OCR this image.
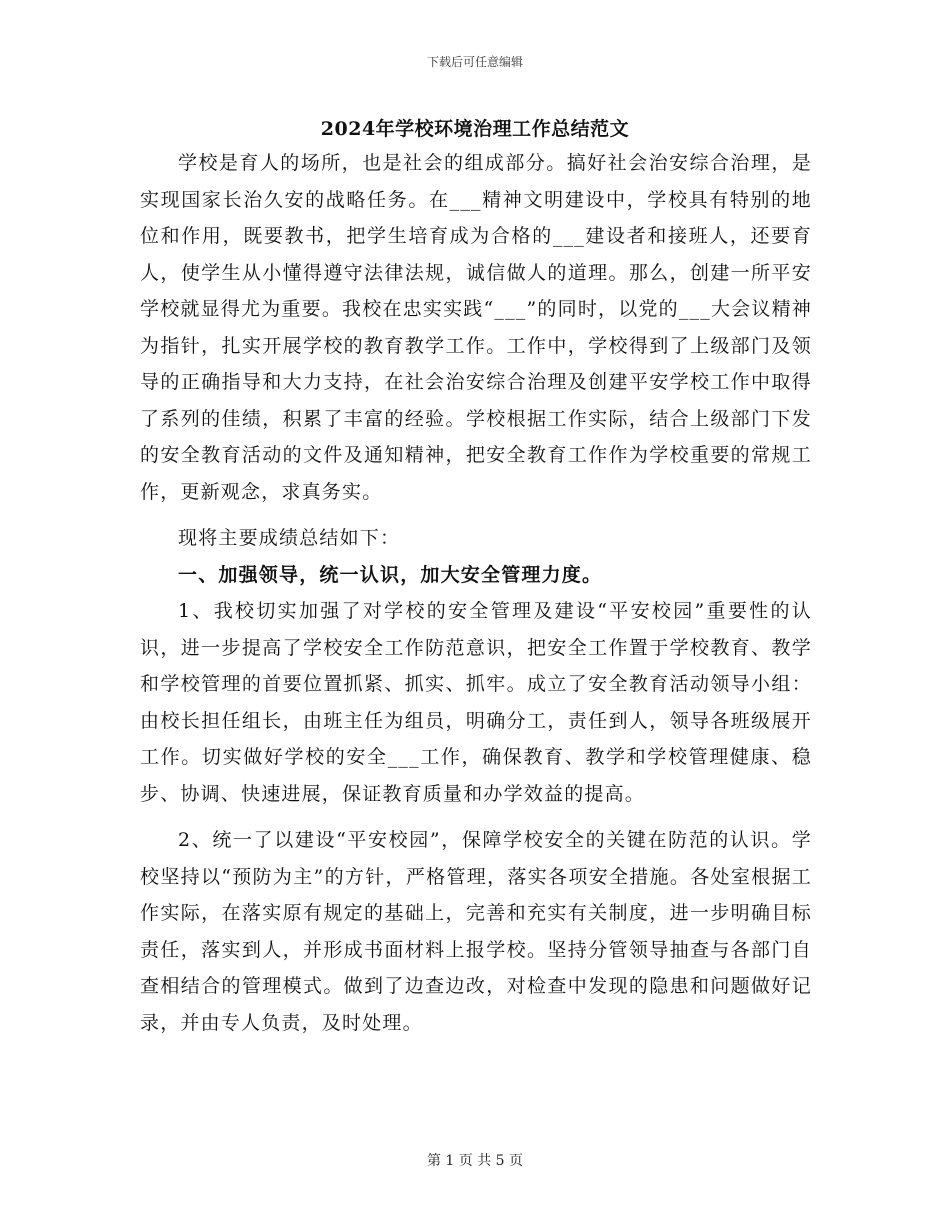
下载后可任意编辑
2024年学校环境治理工作总结范文

学校是育人的场所，也是社会的组成部分。搞好社会治安综合治理，是实现国家长治久安的战略任务。在___精神文明建设中，学校具有特别的地位和作用，既要教书，把学生培育成为合格的___建设者和接班人，还要育人，使学生从小懂得遵守法律法规，诚信做人的道理。那么，创建一所平安学校就显得尤为重要。我校在忠实实践“___”的同时，以党的___大会议精神为指针，扎实开展学校的教育教学工作。工作中，学校得到了上级部门及领导的正确指导和大力支持，在社会治安综合治理及创建平安学校工作中取得了系列的佳绩，积累了丰富的经验。学校根据工作实际，结合上级部门下发的安全教育活动的文件及通知精神，把安全教育工作作为学校重要的常规工作，更新观念，求真务实。

现将主要成绩总结如下：

一、加强领导，统一认识，加大安全管理力度。

1、我校切实加强了对学校的安全管理及建设“平安校园”重要性的认识，进一步提高了学校安全工作防范意识，把安全工作置于学校教育、教学和学校管理的首要位置抓紧、抓实、抓牢。成立了安全教育活动领导小组：由校长担任组长，由班主任为组员，明确分工，责任到人，领导各班级展开工作。切实做好学校的安全___工作，确保教育、教学和学校管理健康、稳步、协调、快速进展，保证教育质量和办学效益的提高。

2、统一了以建设“平安校园”，保障学校安全的关键在防范的认识。学校坚持以“预防为主”的方针，严格管理，落实各项安全措施。各处室根据工作实际，在落实原有规定的基础上，完善和充实有关制度，进一步明确目标责任，落实到人，并形成书面材料上报学校。坚持分管领导抽查与各部门自查相结合的管理模式。做到了边查边改，对检查中发现的隐患和问题做好记录，并由专人负责，及时处理。

第 1 页 共 5 页
